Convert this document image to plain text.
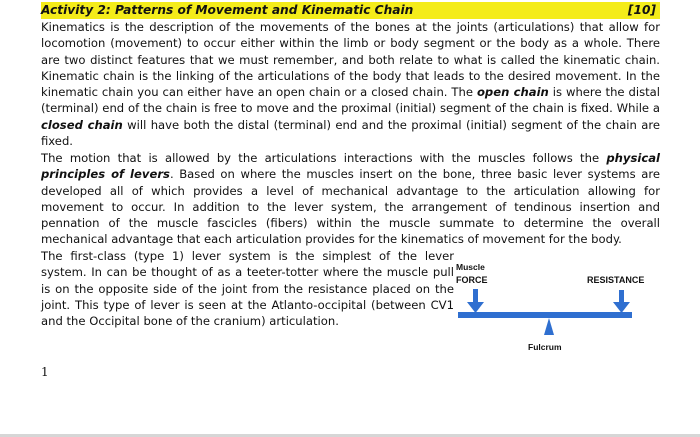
Activity 2: Patterns of Movement and Kinematic Chain	[10]

Kinematics is the description of the movements of the bones at the joints (articulations) that allow for locomotion (movement) to occur either within the limb or body segment or the body as a whole. There are two distinct features that we must remember, and both relate to what is called the kinematic chain. Kinematic chain is the linking of the articulations of the body that leads to the desired movement. In the kinematic chain you can either have an open chain or a closed chain. The open chain is where the distal (terminal) end of the chain is free to move and the proximal (initial) segment of the chain is fixed. While a closed chain will have both the distal (terminal) end and the proximal (initial) segment of the chain are fixed.

The motion that is allowed by the articulations interactions with the muscles follows the physical principles of levers. Based on where the muscles insert on the bone, three basic lever systems are developed all of which provides a level of mechanical advantage to the articulation allowing for movement to occur. In addition to the lever system, the arrangement of tendinous insertion and pennation of the muscle fascicles (fibers) within the muscle summate to determine the overall mechanical advantage that each articulation provides for the kinematics of movement for the body.

The first-class (type 1) lever system is the simplest of the lever system. In can be thought of as a teeter-totter where the muscle pull is on the opposite side of the joint from the resistance placed on the joint. This type of lever is seen at the Atlanto-occipital (between CV1 and the Occipital bone of the cranium) articulation.

Muscle
FORCE	RESISTANCE
Fulcrum
1
